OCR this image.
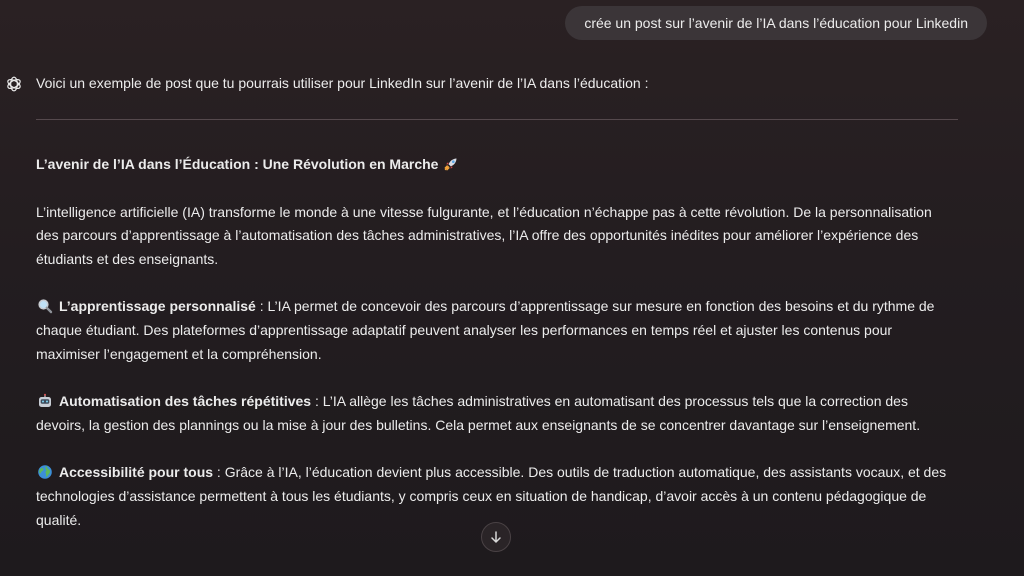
crée un post sur l’avenir de l’IA dans l’éducation pour Linkedin

Voici un exemple de post que tu pourrais utiliser pour LinkedIn sur l’avenir de l’IA dans l’éducation :

L’avenir de l’IA dans l’Éducation : Une Révolution en Marche

L’intelligence artificielle (IA) transforme le monde à une vitesse fulgurante, et l’éducation n’échappe pas à cette révolution. De la personnalisation des parcours d’apprentissage à l’automatisation des tâches administratives, l’IA offre des opportunités inédites pour améliorer l’expérience des étudiants et des enseignants.

L’apprentissage personnalisé : L’IA permet de concevoir des parcours d’apprentissage sur mesure en fonction des besoins et du rythme de chaque étudiant. Des plateformes d’apprentissage adaptatif peuvent analyser les performances en temps réel et ajuster les contenus pour maximiser l’engagement et la compréhension.

Automatisation des tâches répétitives : L’IA allège les tâches administratives en automatisant des processus tels que la correction des devoirs, la gestion des plannings ou la mise à jour des bulletins. Cela permet aux enseignants de se concentrer davantage sur l’enseignement.

Accessibilité pour tous : Grâce à l’IA, l’éducation devient plus accessible. Des outils de traduction automatique, des assistants vocaux, et des technologies d’assistance permettent à tous les étudiants, y compris ceux en situation de handicap, d’avoir accès à un contenu pédagogique de qualité.
